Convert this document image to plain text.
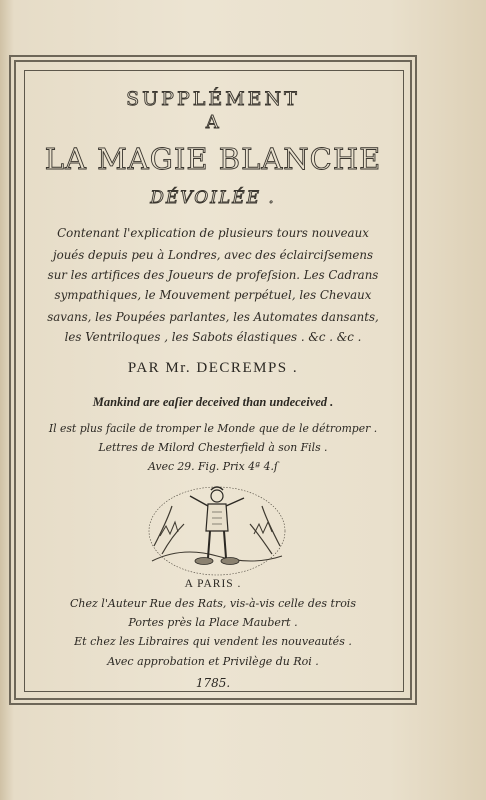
SUPPLÉMENT
A
LA MAGIE BLANCHE
DÉVOILÉE .
Contenant l'explication de plusieurs tours nouveaux
joués depuis peu à Londres, avec des éclairciſsemens
sur les artifices des Joueurs de profeſsion. Les Cadrans
sympathiques, le Mouvement perpétuel, les Chevaux
savans, les Poupées parlantes, les Automates dansants,
les Ventriloques , les Sabots élastiques . &c . &c .
PAR Mr. DECREMPS .
Mankind are eaſier deceived than undeceived .
Il est plus facile de tromper le Monde que de le détromper .
Lettres de Milord Chesterfield à son Fils .
Avec 29. Fig. Prix 4ª 4.ſ
A PARIS .
Chez l'Auteur Rue des Rats, vis-à-vis celle des trois
Portes près la Place Maubert .
Et chez les Libraires qui vendent les nouveautés .
Avec approbation et Privilège du Roi .
1785.
